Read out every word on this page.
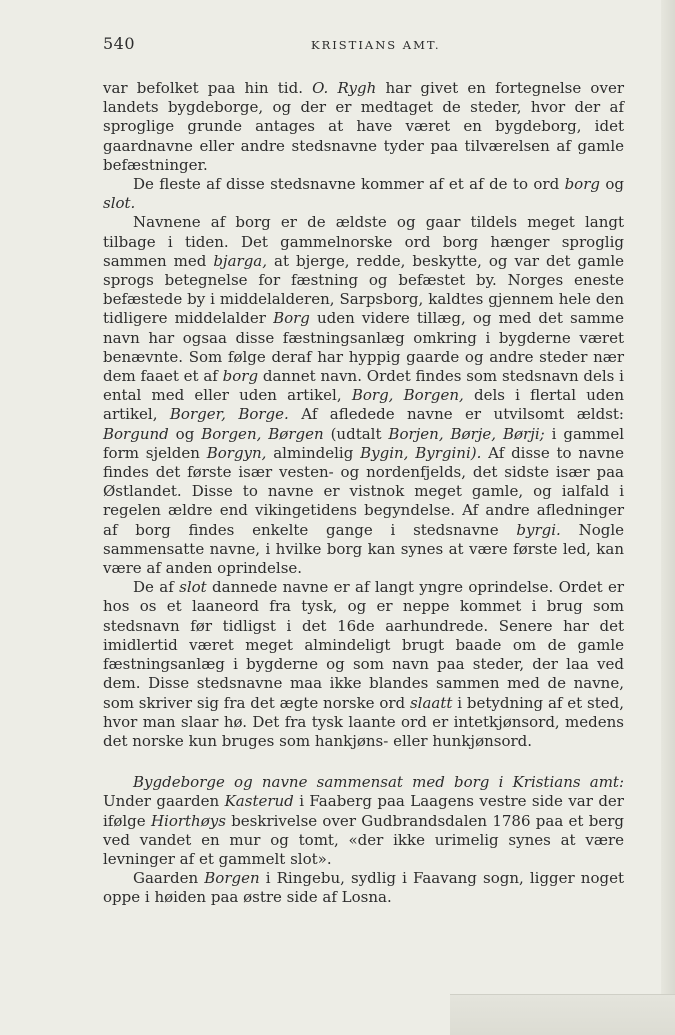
540	KRISTIANS AMT.

var befolket paa hin tid. O. Rygh har givet en fortegnelse over landets bygdeborge, og der er medtaget de steder, hvor der af sproglige grunde antages at have været en bygdeborg, idet gaardnavne eller andre stedsnavne tyder paa tilværelsen af gamle befæstninger.

De fleste af disse stedsnavne kommer af et af de to ord borg og slot.

Navnene af borg er de ældste og gaar tildels meget langt tilbage i tiden. Det gammelnorske ord borg hænger sproglig sammen med bjarga, at bjerge, redde, beskytte, og var det gamle sprogs betegnelse for fæstning og befæstet by. Norges eneste befæstede by i middelalderen, Sarpsborg, kaldtes gjennem hele den tidligere middelalder Borg uden videre tillæg, og med det samme navn har ogsaa disse fæstningsanlæg omkring i bygderne været benævnte. Som følge deraf har hyppig gaarde og andre steder nær dem faaet et af borg dannet navn. Ordet findes som stedsnavn dels i ental med eller uden artikel, Borg, Borgen, dels i flertal uden artikel, Borger, Borge. Af afledede navne er utvilsomt ældst: Borgund og Borgen, Børgen (udtalt Borjen, Børje, Børji; i gammel form sjelden Borgyn, almindelig Bygin, Byrgini). Af disse to navne findes det første især vesten- og nordenfjelds, det sidste især paa Østlandet. Disse to navne er vistnok meget gamle, og ialfald i regelen ældre end vikingetidens begyndelse. Af andre afledninger af borg findes enkelte gange i stedsnavne byrgi. Nogle sammensatte navne, i hvilke borg kan synes at være første led, kan være af anden oprindelse.

De af slot dannede navne er af langt yngre oprindelse. Ordet er hos os et laaneord fra tysk, og er neppe kommet i brug som stedsnavn før tidligst i det 16de aarhundrede. Senere har det imidlertid været meget almindeligt brugt baade om de gamle fæstningsanlæg i bygderne og som navn paa steder, der laa ved dem. Disse stedsnavne maa ikke blandes sammen med de navne, som skriver sig fra det ægte norske ord slaatt i betydning af et sted, hvor man slaar hø. Det fra tysk laante ord er intetkjønsord, medens det norske kun bruges som hankjøns- eller hunkjønsord.

Bygdeborge og navne sammensat med borg i Kristians amt: Under gaarden Kasterud i Faaberg paa Laagens vestre side var der ifølge Hiorthøys beskrivelse over Gudbrandsdalen 1786 paa et berg ved vandet en mur og tomt, «der ikke urimelig synes at være levninger af et gammelt slot».

Gaarden Borgen i Ringebu, sydlig i Faavang sogn, ligger noget oppe i høiden paa østre side af Losna.
